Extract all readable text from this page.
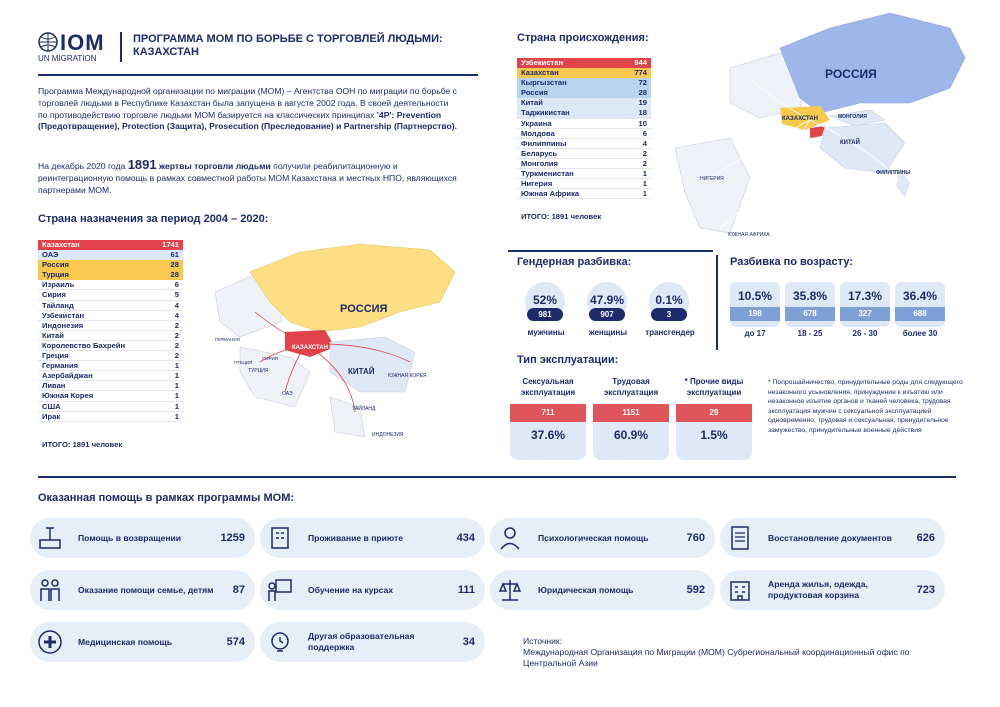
IOM
UN MIGRATION
ПРОГРАММА МОМ ПО БОРЬБЕ С ТОРГОВЛЕЙ ЛЮДЬМИ: КАЗАХСТАН
Программа Международной организации по миграции (МОМ) – Агентства ООН по миграции по борьбе с торговлей людьми в Республике Казахстан была запущена в августе 2002 года. В своей деятельности по противодействию торговле людьми МОМ базируется на классических принципах '4P': Prevention (Предотвращение), Protection (Защита), Prosecution (Преследование) и Partnership (Партнерство).
На декабрь 2020 года 1891 жертвы торговли людьми получили реабилитационную и реинтеграционную помощь в рамках совместной работы МОМ Казахстана и местных НПО, являющихся партнерами МОМ.
Страна назначения за период 2004 – 2020:
Казахстан	1741
ОАЭ	61
Россия	28
Турция	28
Израиль	6
Сирия	5
Тайланд	4
Узбекистан	4
Индонезия	2
Китай	2
Королевство Бахрейн	2
Греция	2
Германия	1
Азербайджан	1
Ливан	1
Южная Корея	1
США	1
Ирак	1
ИТОГО: 1891 человек
РОССИЯ
КАЗАХСТАН
КИТАЙ	ЮЖНАЯ КОРЕЯ
ГЕРМАНИЯ
ТУРЦИЯ
ГРЕЦИЯ
СИРИЯ
ОАЭ
ТАЙЛАНД
ИНДОНЕЗИЯ
Страна происхождения:
Узбекистан	944
Казахстан	774
Кыргызстан	72
Россия	28
Китай	19
Таджикистан	18
Украина	10
Молдова	6
Филиппины	4
Беларусь	2
Монголия	2
Туркменистан	1
Нигерия	1
Южная Африка	1
ИТОГО: 1891 человек
РОССИЯ
КАЗАХСТАН	МОНГОЛИЯ
КИТАЙ
ФИЛИППИНЫ
НИГЕРИЯ
ЮЖНАЯ АФРИКА
Гендерная разбивка:
52%
981
мужчины
47.9%
907
женщины
0.1%
3
трансгендер
Разбивка по возрасту:
10.5%
198
до 17
35.8%
678
18 - 25
17.3%
327
26 - 30
36.4%
688
более 30
Тип эксплуатации:
Сексуальная эксплуатация
711
37.6%
Трудовая эксплуатация
1151
60.9%
* Прочие виды эксплуатации
29
1.5%
* Попрошайничество, принудительные роды для следующего незаконного усыновления, принуждение к изъятию или незаконное изъятие органов и тканей человека, трудовая эксплуатация мужчин с сексуальной эксплуатацией одновременно, трудовая и сексуальная, принудительное замужество, принудительные военные действия
Оказанная помощь в рамках программы МОМ:
Помощь в возвращении	1259	Проживание в приюте	434	Психологическая помощь	760	Восстановление документов	626
Оказание помощи семье, детям	87	Обучение на курсах	111	Юридическая помощь	592	Аренда жилья, одежда, продуктовая корзина	723
Медицинская помощь	574	Другая образовательная поддержка	34	Источник:
Международная Организация по Миграции (МОМ) Субрегиональный координационный офис по Центральной Азии
